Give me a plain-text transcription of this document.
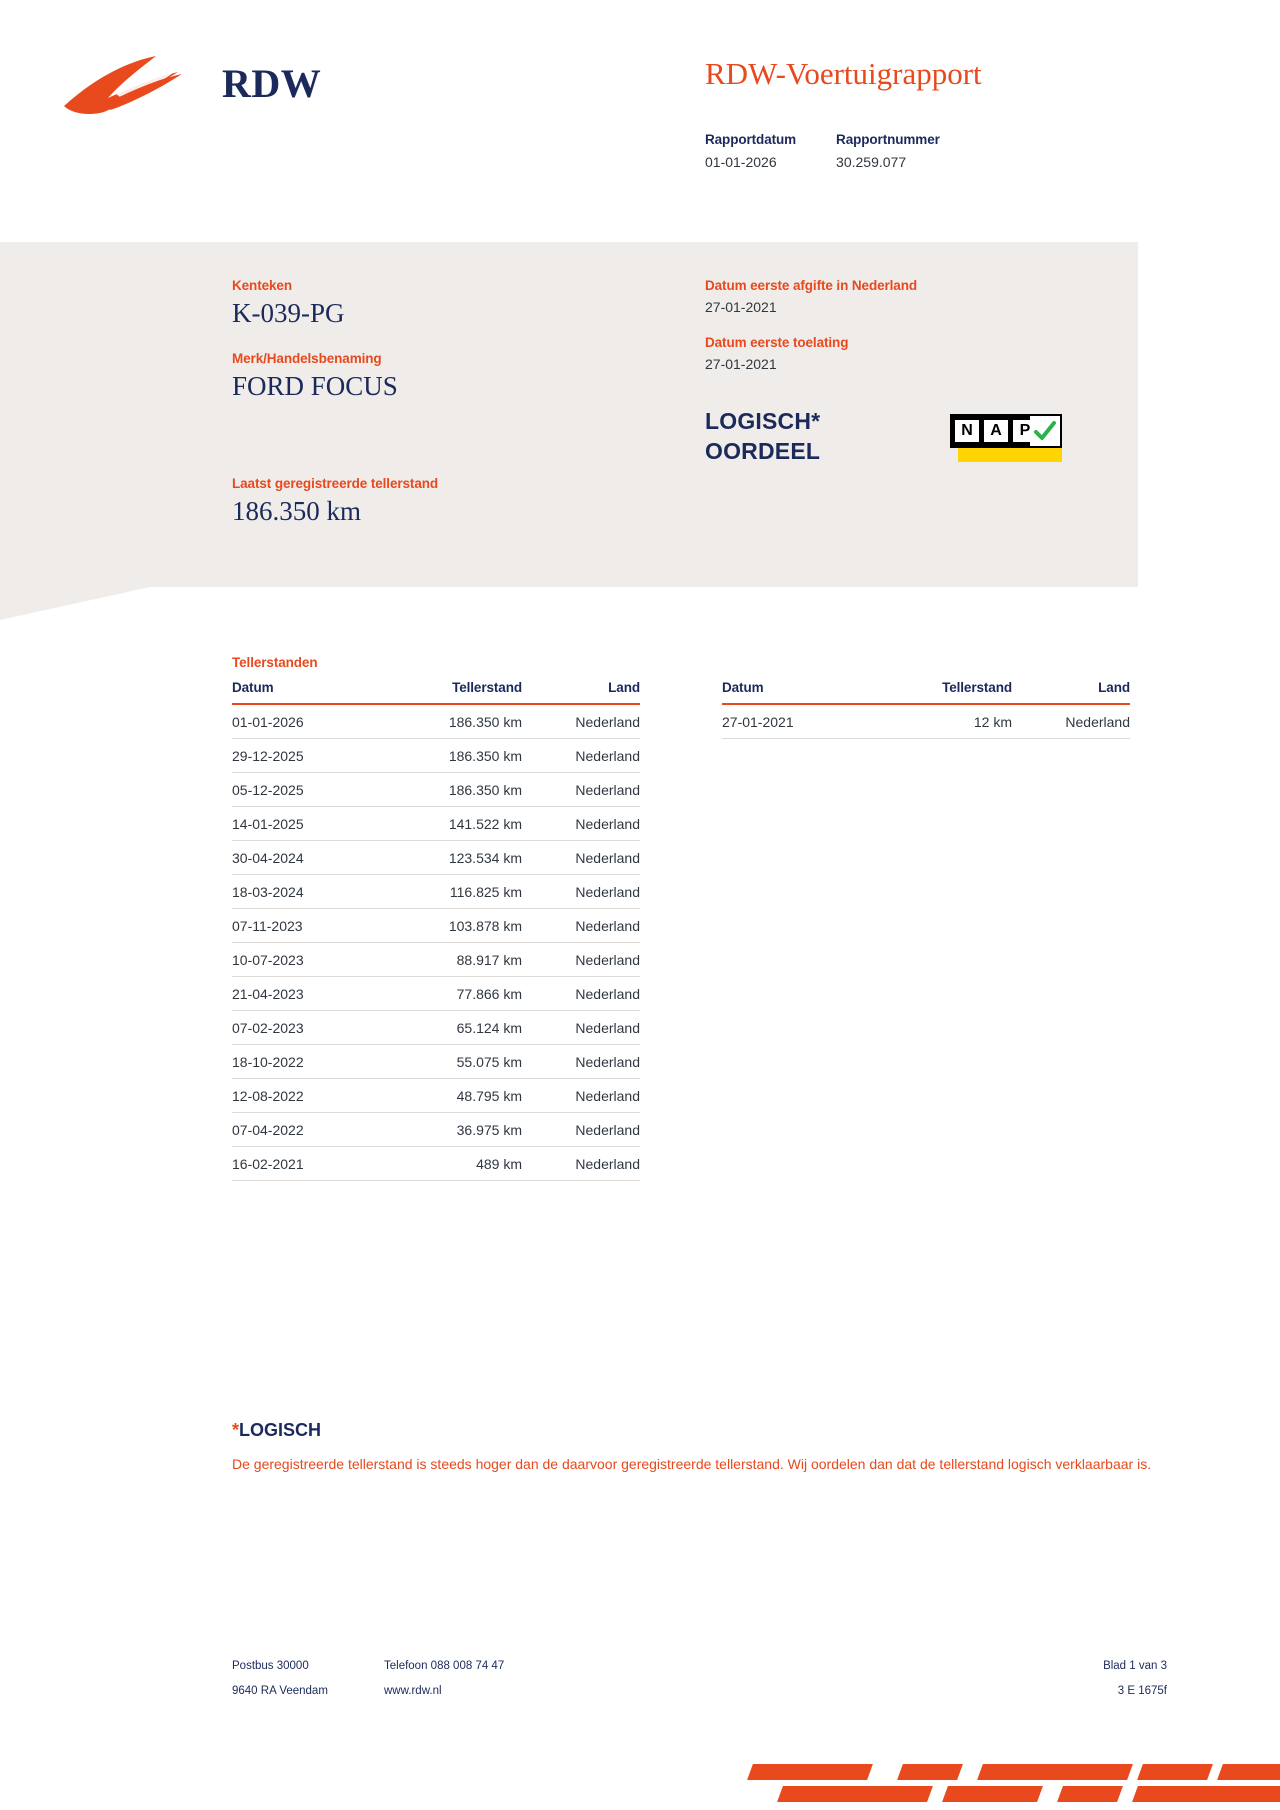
RDW	RDW-Voertuigrapport
Rapportdatum
01-01-2026
Rapportnummer
30.259.077
Kenteken
K-039-PG
Merk/Handelsbenaming
FORD FOCUS
Laatst geregistreerde tellerstand
186.350 km
Datum eerste afgifte in Nederland
27-01-2021
Datum eerste toelating
27-01-2021
LOGISCH*
OORDEEL
N	A	P
Tellerstanden
Datum	Tellerstand	Land
01-01-2026	186.350 km	Nederland
29-12-2025	186.350 km	Nederland
05-12-2025	186.350 km	Nederland
14-01-2025	141.522 km	Nederland
30-04-2024	123.534 km	Nederland
18-03-2024	116.825 km	Nederland
07-11-2023	103.878 km	Nederland
10-07-2023	88.917 km	Nederland
21-04-2023	77.866 km	Nederland
07-02-2023	65.124 km	Nederland
18-10-2022	55.075 km	Nederland
12-08-2022	48.795 km	Nederland
07-04-2022	36.975 km	Nederland
16-02-2021	489 km	Nederland
Datum	Tellerstand	Land
27-01-2021	12 km	Nederland
*LOGISCH
De geregistreerde tellerstand is steeds hoger dan de daarvoor geregistreerde tellerstand. Wij oordelen dan dat de tellerstand logisch verklaarbaar is.
Postbus 30000	Telefoon 088 008 74 47	Blad 1 van 3
9640 RA Veendam	www.rdw.nl	3 E 1675f
